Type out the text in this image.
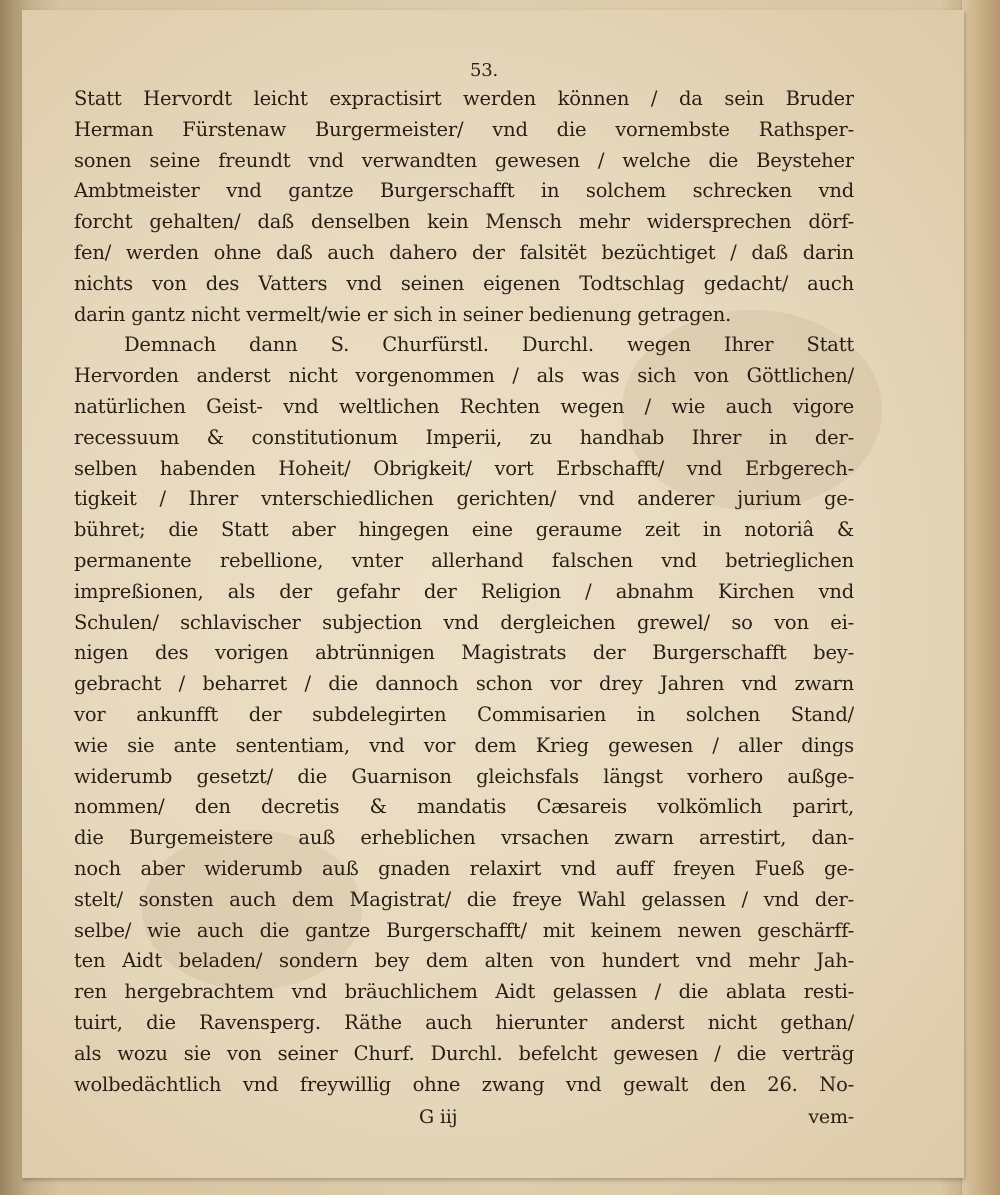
53.
Statt Hervordt leicht expractisirt werden können / da sein Bruder
Herman Fürstenaw Burgermeister/ vnd die vornembste Rathsper-
sonen seine freundt vnd verwandten gewesen / welche die Beysteher
Ambtmeister vnd gantze Burgerschafft in solchem schrecken vnd
forcht gehalten/ daß denselben kein Mensch mehr widersprechen dörf-
fen/ werden ohne daß auch dahero der falsitët bezüchtiget / daß darin
nichts von des Vatters vnd seinen eigenen Todtschlag gedacht/ auch
darin gantz nicht vermelt/wie er sich in seiner bedienung getragen.
Demnach dann S. Churfürstl. Durchl. wegen Ihrer Statt
Hervorden anderst nicht vorgenommen / als was sich von Göttlichen/
natürlichen Geist- vnd weltlichen Rechten wegen / wie auch vigore
recessuum & constitutionum Imperii, zu handhab Ihrer in der-
selben habenden Hoheit/ Obrigkeit/ vort Erbschafft/ vnd Erbgerech-
tigkeit / Ihrer vnterschiedlichen gerichten/ vnd anderer jurium ge-
bühret; die Statt aber hingegen eine geraume zeit in notoriâ &
permanente rebellione, vnter allerhand falschen vnd betrieglichen
impreßionen, als der gefahr der Religion / abnahm Kirchen vnd
Schulen/ schlavischer subjection vnd dergleichen grewel/ so von ei-
nigen des vorigen abtrünnigen Magistrats der Burgerschafft bey-
gebracht / beharret / die dannoch schon vor drey Jahren vnd zwarn
vor ankunfft der subdelegirten Commisarien in solchen Stand/
wie sie ante sententiam, vnd vor dem Krieg gewesen / aller dings
widerumb gesetzt/ die Guarnison gleichsfals längst vorhero außge-
nommen/ den decretis & mandatis Cæsareis volkömlich parirt,
die Burgemeistere auß erheblichen vrsachen zwarn arrestirt, dan-
noch aber widerumb auß gnaden relaxirt vnd auff freyen Fueß ge-
stelt/ sonsten auch dem Magistrat/ die freye Wahl gelassen / vnd der-
selbe/ wie auch die gantze Burgerschafft/ mit keinem newen geschärff-
ten Aidt beladen/ sondern bey dem alten von hundert vnd mehr Jah-
ren hergebrachtem vnd bräuchlichem Aidt gelassen / die ablata resti-
tuirt, die Ravensperg. Räthe auch hierunter anderst nicht gethan/
als wozu sie von seiner Churf. Durchl. befelcht gewesen / die verträg
wolbedächtlich vnd freywillig ohne zwang vnd gewalt den 26. No-
G iij	vem-
